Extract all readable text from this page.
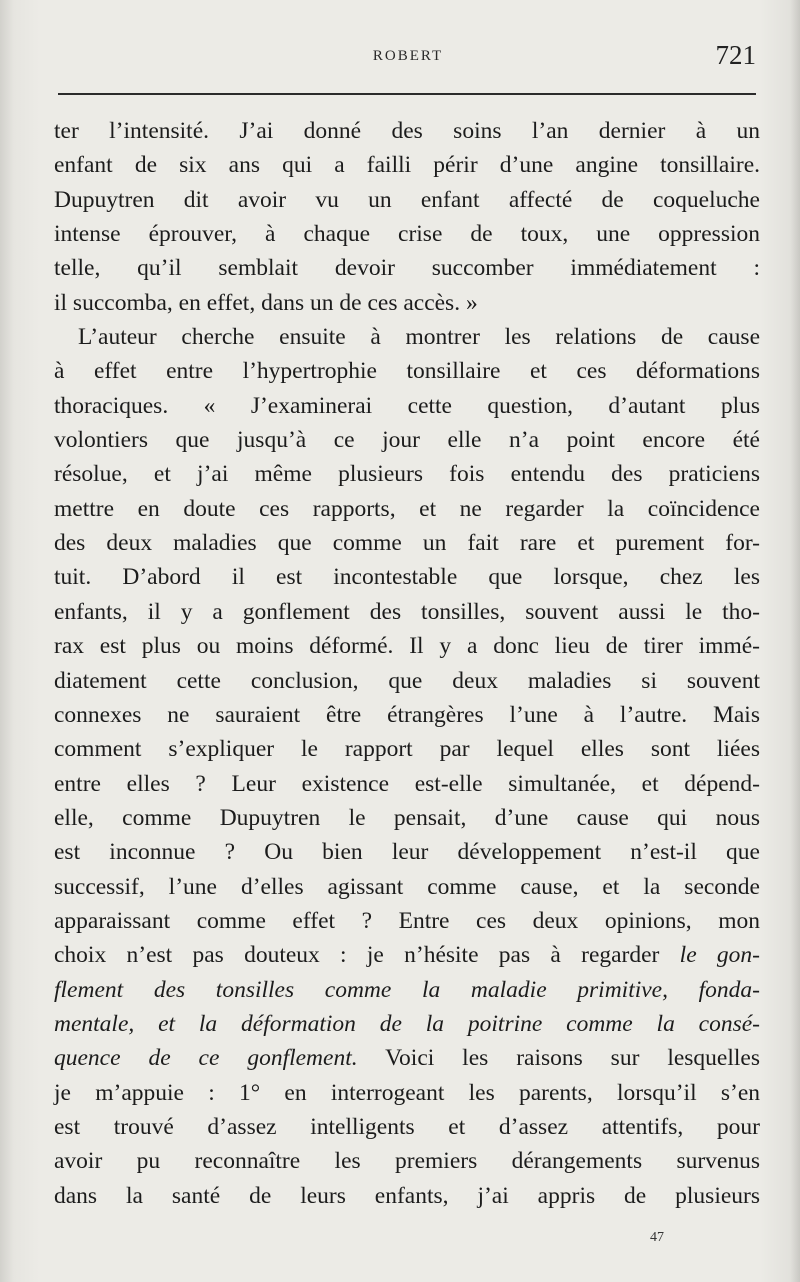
ROBERT	721
ter l’intensité. J’ai donné des soins l’an dernier à un
enfant de six ans qui a failli périr d’une angine tonsillaire.
Dupuytren dit avoir vu un enfant affecté de coqueluche
intense éprouver, à chaque crise de toux, une oppression
telle, qu’il semblait devoir succomber immédiatement :
il succomba, en effet, dans un de ces accès. »
L’auteur cherche ensuite à montrer les relations de cause
à effet entre l’hypertrophie tonsillaire et ces déformations
thoraciques. « J’examinerai cette question, d’autant plus
volontiers que jusqu’à ce jour elle n’a point encore été
résolue, et j’ai même plusieurs fois entendu des praticiens
mettre en doute ces rapports, et ne regarder la coïncidence
des deux maladies que comme un fait rare et purement for-
tuit. D’abord il est incontestable que lorsque, chez les
enfants, il y a gonflement des tonsilles, souvent aussi le tho-
rax est plus ou moins déformé. Il y a donc lieu de tirer immé-
diatement cette conclusion, que deux maladies si souvent
connexes ne sauraient être étrangères l’une à l’autre. Mais
comment s’expliquer le rapport par lequel elles sont liées
entre elles ? Leur existence est-elle simultanée, et dépend-
elle, comme Dupuytren le pensait, d’une cause qui nous
est inconnue ? Ou bien leur développement n’est-il que
successif, l’une d’elles agissant comme cause, et la seconde
apparaissant comme effet ? Entre ces deux opinions, mon
choix n’est pas douteux : je n’hésite pas à regarder le gon-
flement des tonsilles comme la maladie primitive, fonda-
mentale, et la déformation de la poitrine comme la consé-
quence de ce gonflement. Voici les raisons sur lesquelles
je m’appuie : 1° en interrogeant les parents, lorsqu’il s’en
est trouvé d’assez intelligents et d’assez attentifs, pour
avoir pu reconnaître les premiers dérangements survenus
dans la santé de leurs enfants, j’ai appris de plusieurs
47
